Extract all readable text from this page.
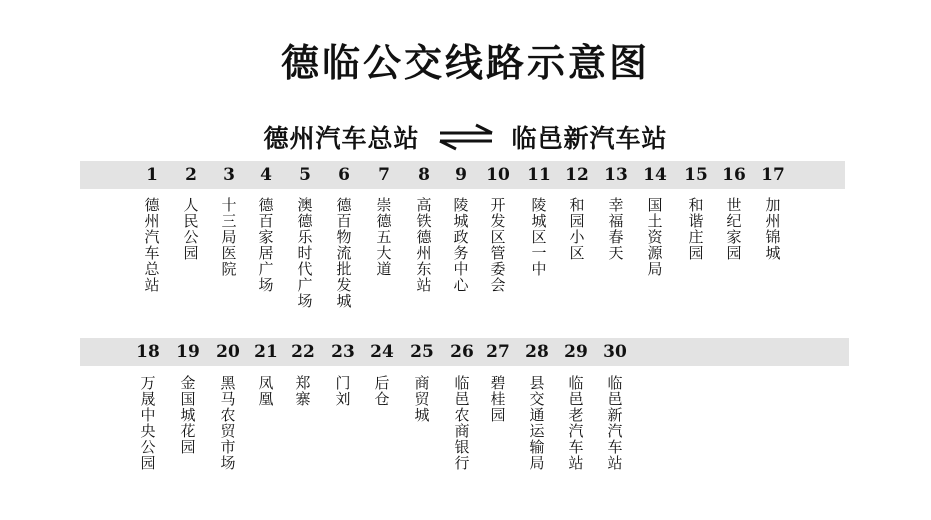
德临公交线路示意图
德州汽车总站	临邑新汽车站
1
德州汽车总站
2
人民公园
3
十三局医院
4
德百家居广场
5
澳德乐时代广场
6
德百物流批发城
7
崇德五大道
8
高铁德州东站
9
陵城政务中心
10
开发区管委会
11
陵城区一中
12
和园小区
13
幸福春天
14
国土资源局
15
和谐庄园
16
世纪家园
17
加州锦城
18
万晟中央公园
19
金国城花园
20
黑马农贸市场
21
凤凰
22
郑寨
23
门刘
24
后仓
25
商贸城
26
临邑农商银行
27
碧桂园
28
县交通运输局
29
临邑老汽车站
30
临邑新汽车站
